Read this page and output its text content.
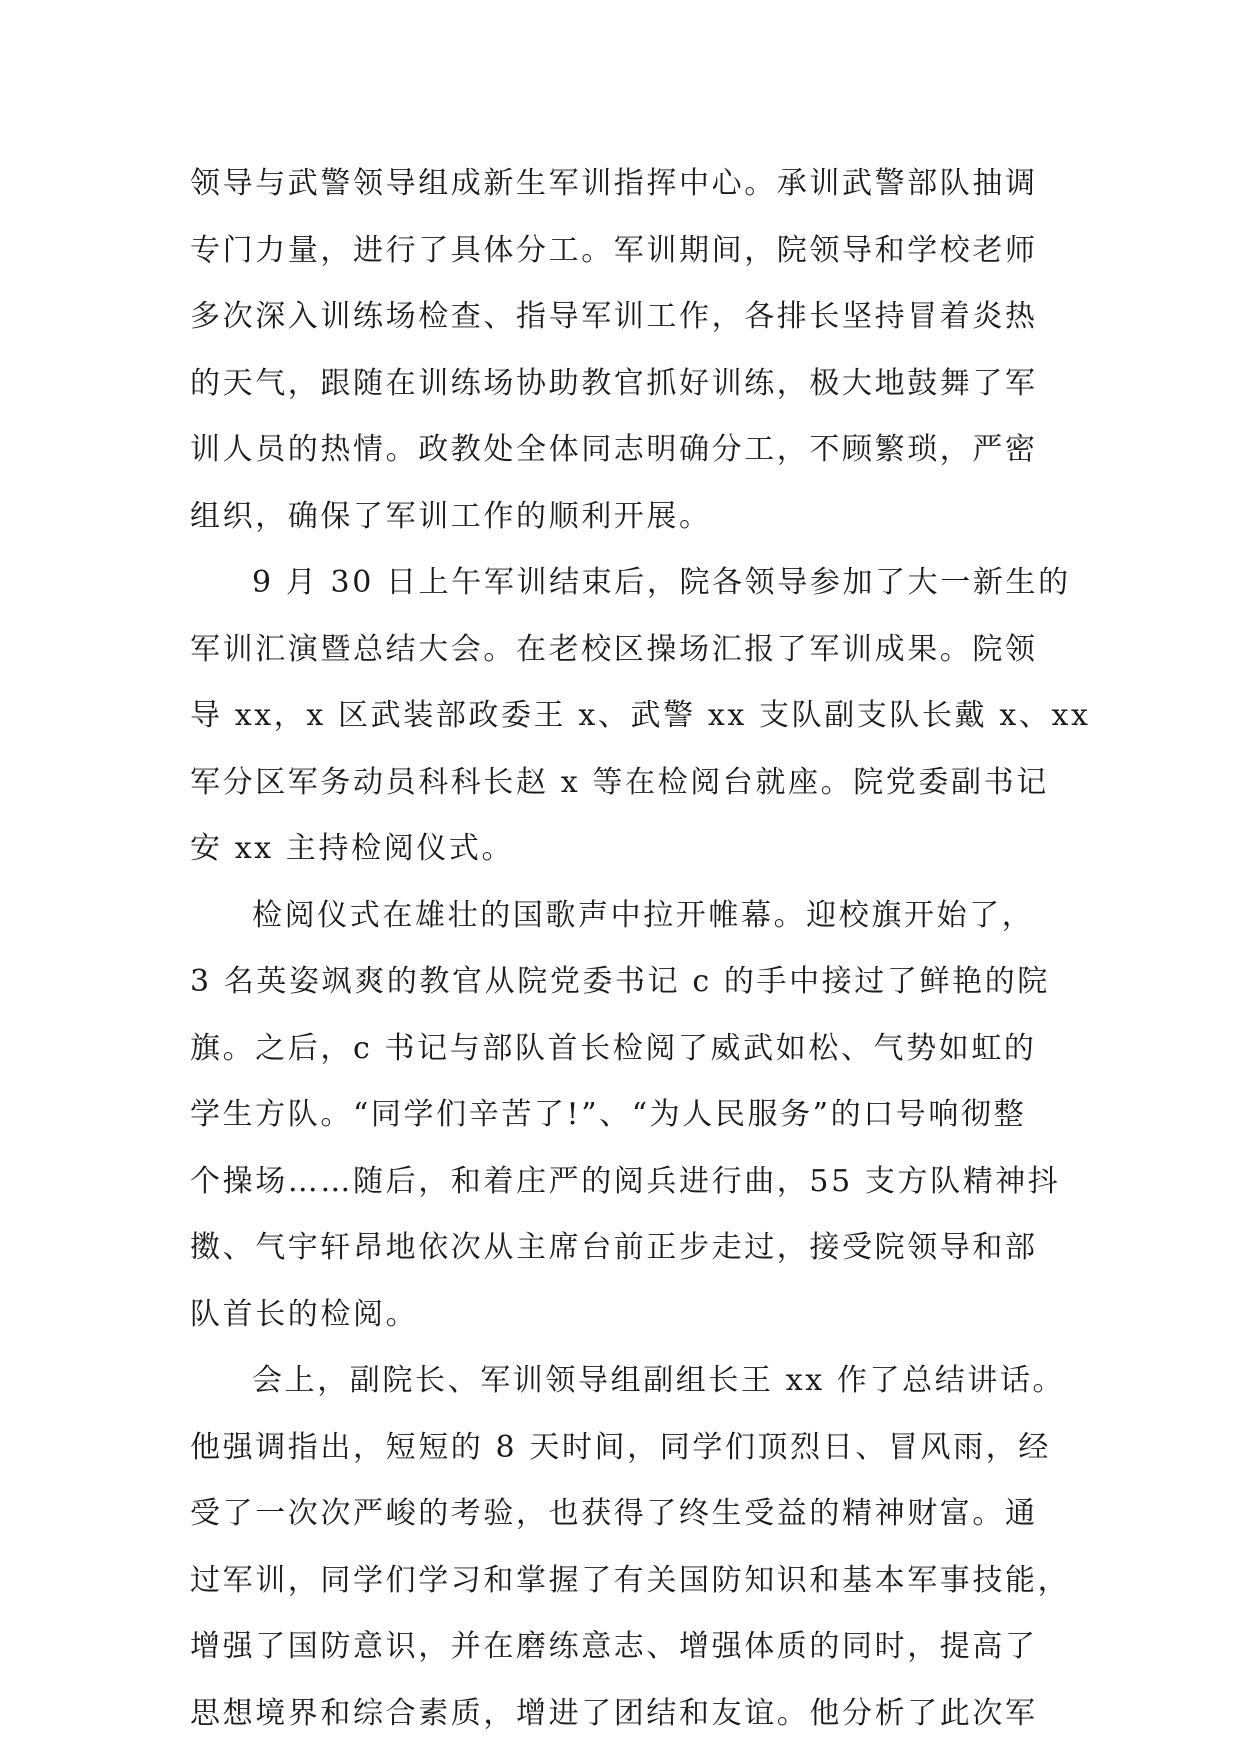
领导与武警领导组成新生军训指挥中心。承训武警部队抽调
专门力量，进行了具体分工。军训期间，院领导和学校老师
多次深入训练场检查、指导军训工作，各排长坚持冒着炎热
的天气，跟随在训练场协助教官抓好训练，极大地鼓舞了军
训人员的热情。政教处全体同志明确分工，不顾繁琐，严密
组织，确保了军训工作的顺利开展。
9 月 30 日上午军训结束后，院各领导参加了大一新生的
军训汇演暨总结大会。在老校区操场汇报了军训成果。院领
导 xx，x 区武装部政委王 x、武警 xx 支队副支队长戴 x、xx
军分区军务动员科科长赵 x 等在检阅台就座。院党委副书记
安 xx 主持检阅仪式。
检阅仪式在雄壮的国歌声中拉开帷幕。迎校旗开始了，
3 名英姿飒爽的教官从院党委书记 c 的手中接过了鲜艳的院
旗。之后，c 书记与部队首长检阅了威武如松、气势如虹的
学生方队。“同学们辛苦了!”、“为人民服务”的口号响彻整
个操场……随后，和着庄严的阅兵进行曲，55 支方队精神抖
擞、气宇轩昂地依次从主席台前正步走过，接受院领导和部
队首长的检阅。
会上，副院长、军训领导组副组长王 xx 作了总结讲话。
他强调指出，短短的 8 天时间，同学们顶烈日、冒风雨，经
受了一次次严峻的考验，也获得了终生受益的精神财富。通
过军训，同学们学习和掌握了有关国防知识和基本军事技能，
增强了国防意识，并在磨练意志、增强体质的同时，提高了
思想境界和综合素质，增进了团结和友谊。他分析了此次军
